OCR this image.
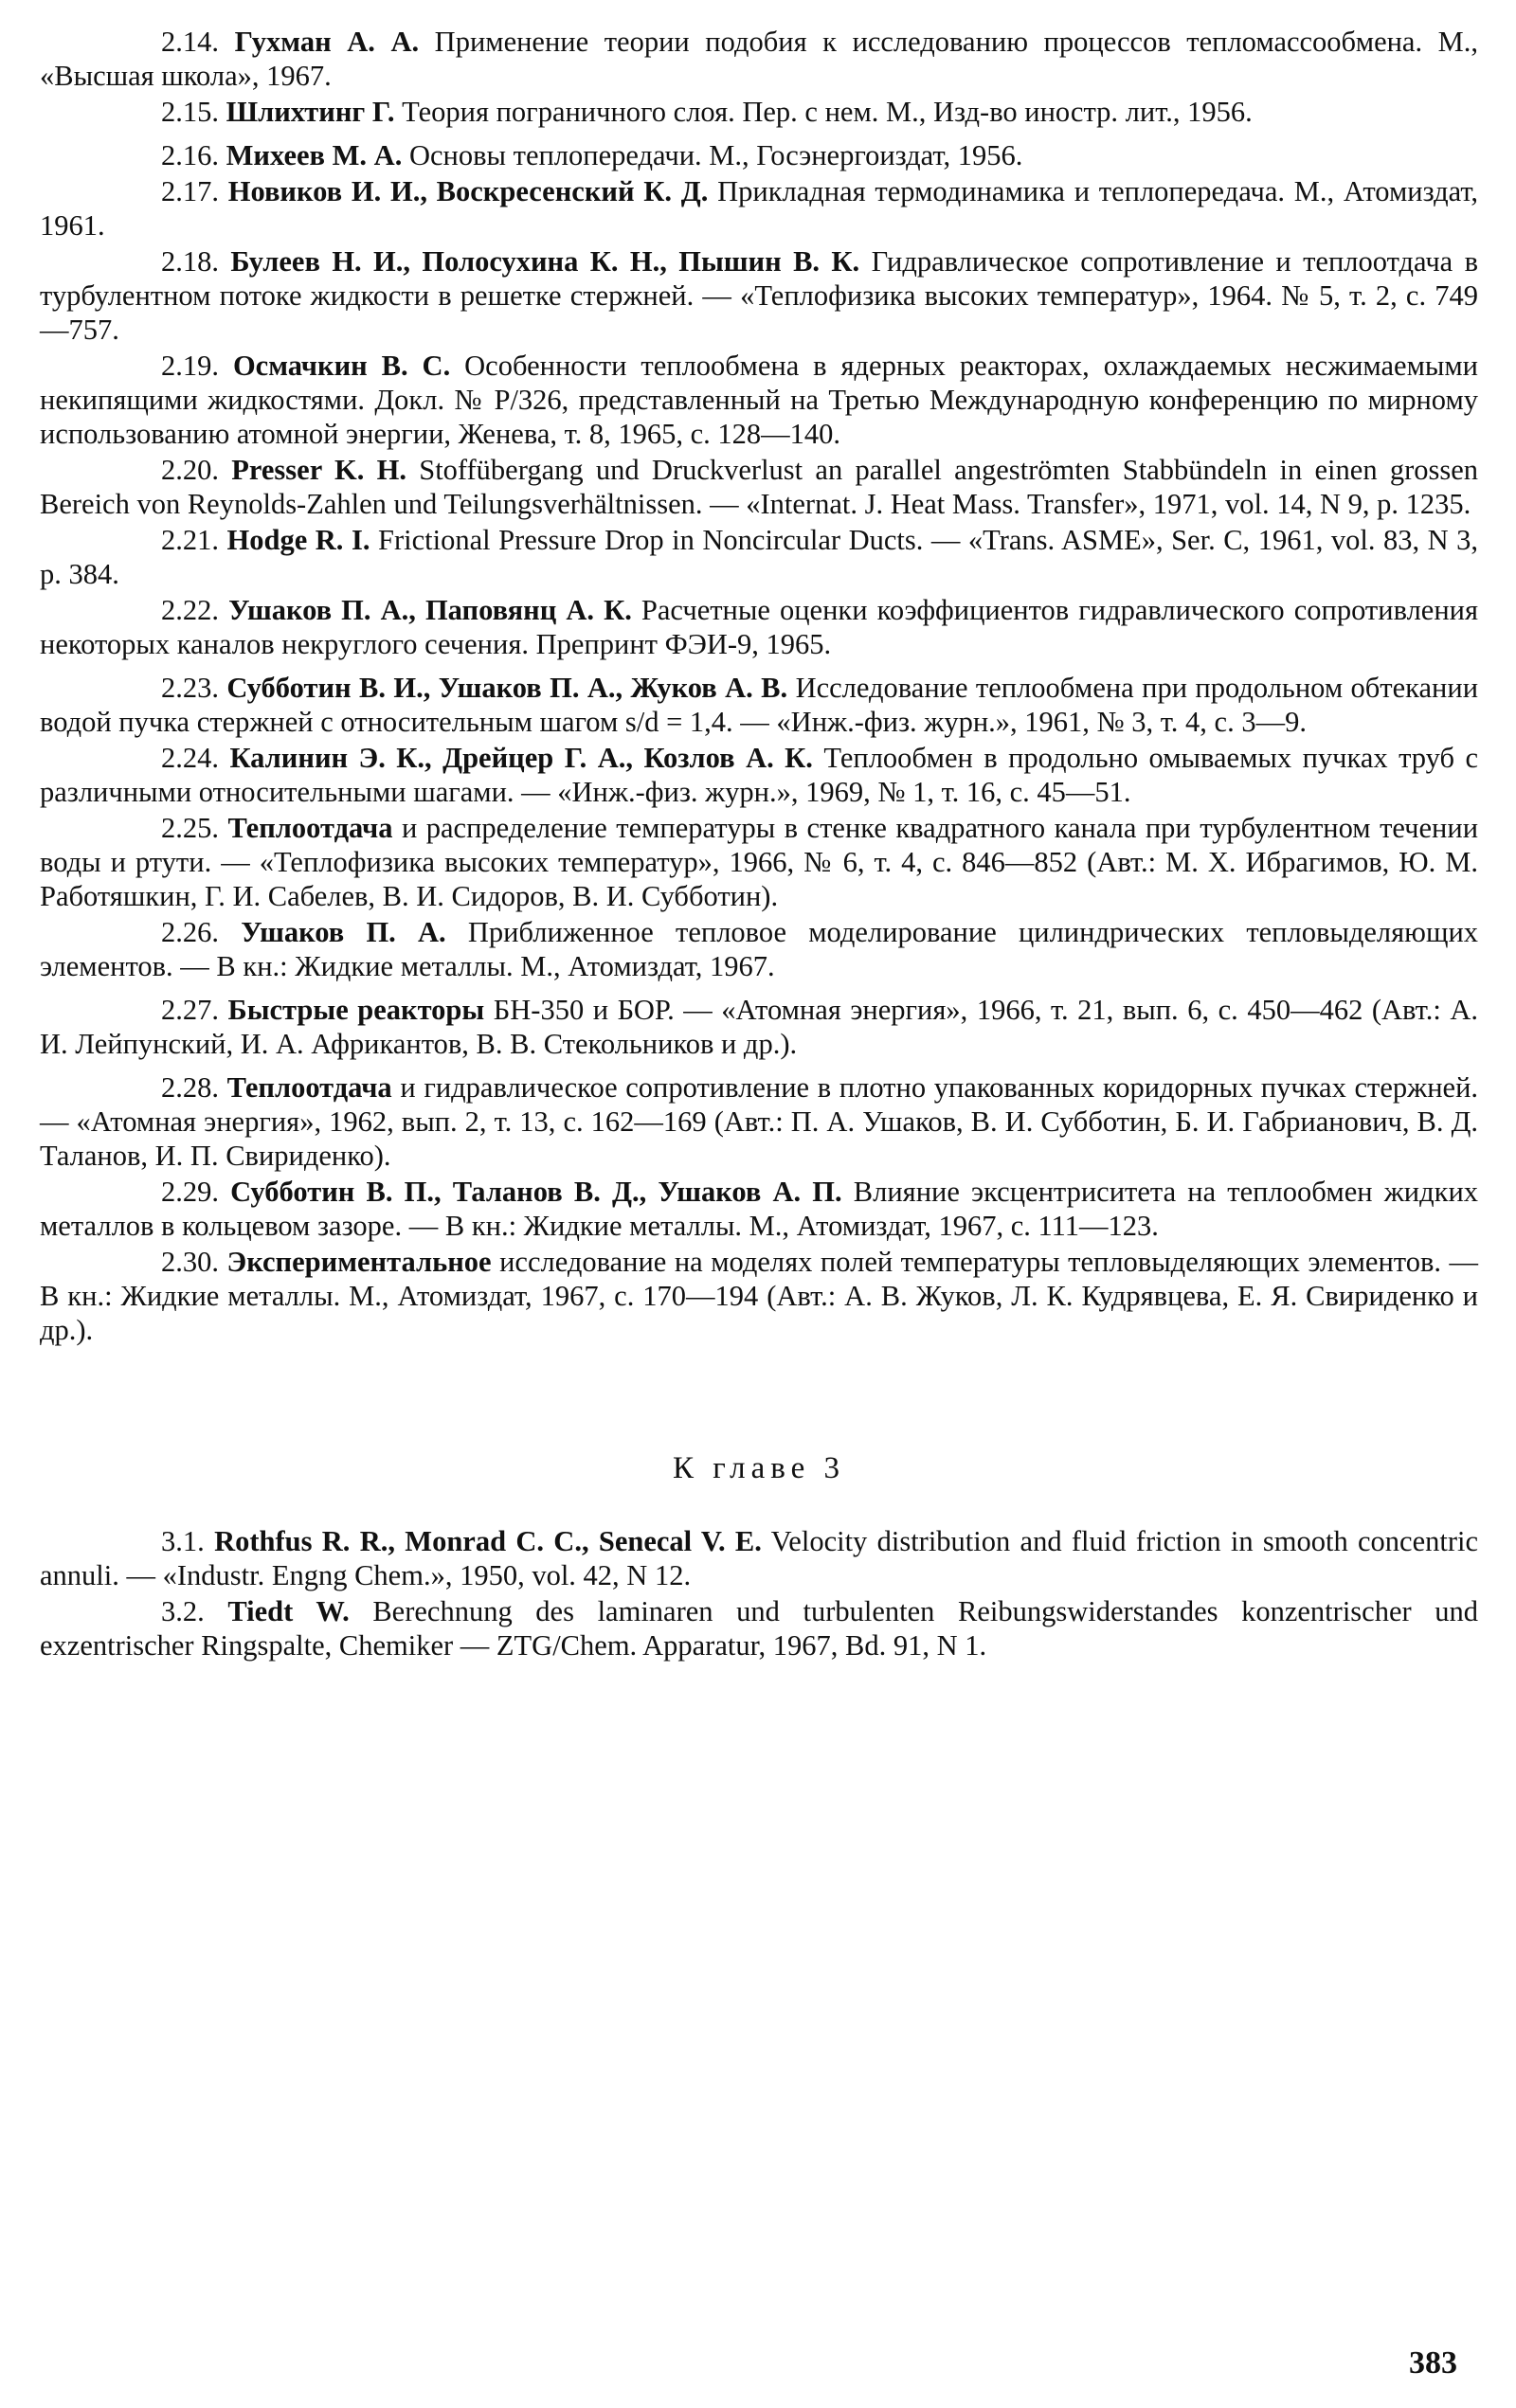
2.14. Гухман А. А. Применение теории подобия к исследованию процессов тепломассообмена. М., «Высшая школа», 1967.

2.15. Шлихтинг Г. Теория пограничного слоя. Пер. с нем. М., Изд-во иностр. лит., 1956.

2.16. Михеев М. А. Основы теплопередачи. М., Госэнергоиздат, 1956.

2.17. Новиков И. И., Воскресенский К. Д. Прикладная термодинамика и теплопередача. М., Атомиздат, 1961.

2.18. Булеев Н. И., Полосухина К. Н., Пышин В. К. Гидравлическое сопротивление и теплоотдача в турбулентном потоке жидкости в решетке стержней. — «Теплофизика высоких температур», 1964. № 5, т. 2, с. 749—757.

2.19. Осмачкин В. С. Особенности теплообмена в ядерных реакторах, охлаждаемых несжимаемыми некипящими жидкостями. Докл. № P/326, представленный на Третью Международную конференцию по мирному использованию атомной энергии, Женева, т. 8, 1965, с. 128—140.

2.20. Presser K. H. Stoffübergang und Druckverlust an parallel angeströmten Stabbündeln in einen grossen Bereich von Reynolds-Zahlen und Teilungsverhältnissen. — «Internat. J. Heat Mass. Transfer», 1971, vol. 14, N 9, p. 1235.

2.21. Hodge R. I. Frictional Pressure Drop in Noncircular Ducts. — «Trans. ASME», Ser. C, 1961, vol. 83, N 3, p. 384.

2.22. Ушаков П. А., Паповянц А. К. Расчетные оценки коэффициентов гидравлического сопротивления некоторых каналов некруглого сечения. Препринт ФЭИ-9, 1965.

2.23. Субботин В. И., Ушаков П. А., Жуков А. В. Исследование теплообмена при продольном обтекании водой пучка стержней с относительным шагом s/d = 1,4. — «Инж.-физ. журн.», 1961, № 3, т. 4, с. 3—9.

2.24. Калинин Э. К., Дрейцер Г. А., Козлов А. К. Теплообмен в продольно омываемых пучках труб с различными относительными шагами. — «Инж.-физ. журн.», 1969, № 1, т. 16, с. 45—51.

2.25. Теплоотдача и распределение температуры в стенке квадратного канала при турбулентном течении воды и ртути. — «Теплофизика высоких температур», 1966, № 6, т. 4, с. 846—852 (Авт.: М. Х. Ибрагимов, Ю. М. Работяшкин, Г. И. Сабелев, В. И. Сидоров, В. И. Субботин).

2.26. Ушаков П. А. Приближенное тепловое моделирование цилиндрических тепловыделяющих элементов. — В кн.: Жидкие металлы. М., Атомиздат, 1967.

2.27. Быстрые реакторы БН-350 и БОР. — «Атомная энергия», 1966, т. 21, вып. 6, с. 450—462 (Авт.: А. И. Лейпунский, И. А. Африкантов, В. В. Стекольников и др.).

2.28. Теплоотдача и гидравлическое сопротивление в плотно упакованных коридорных пучках стержней. — «Атомная энергия», 1962, вып. 2, т. 13, с. 162—169 (Авт.: П. А. Ушаков, В. И. Субботин, Б. И. Габрианович, В. Д. Таланов, И. П. Свириденко).

2.29. Субботин В. П., Таланов В. Д., Ушаков А. П. Влияние эксцентриситета на теплообмен жидких металлов в кольцевом зазоре. — В кн.: Жидкие металлы. М., Атомиздат, 1967, с. 111—123.

2.30. Экспериментальное исследование на моделях полей температуры тепловыделяющих элементов. — В кн.: Жидкие металлы. М., Атомиздат, 1967, с. 170—194 (Авт.: А. В. Жуков, Л. К. Кудрявцева, Е. Я. Свириденко и др.).

К главе 3

3.1. Rothfus R. R., Monrad C. C., Senecal V. E. Velocity distribution and fluid friction in smooth concentric annuli. — «Industr. Engng Chem.», 1950, vol. 42, N 12.

3.2. Tiedt W. Berechnung des laminaren und turbulenten Reibungswiderstandes konzentrischer und exzentrischer Ringspalte, Chemiker — ZTG/Chem. Apparatur, 1967, Bd. 91, N 1.

383
